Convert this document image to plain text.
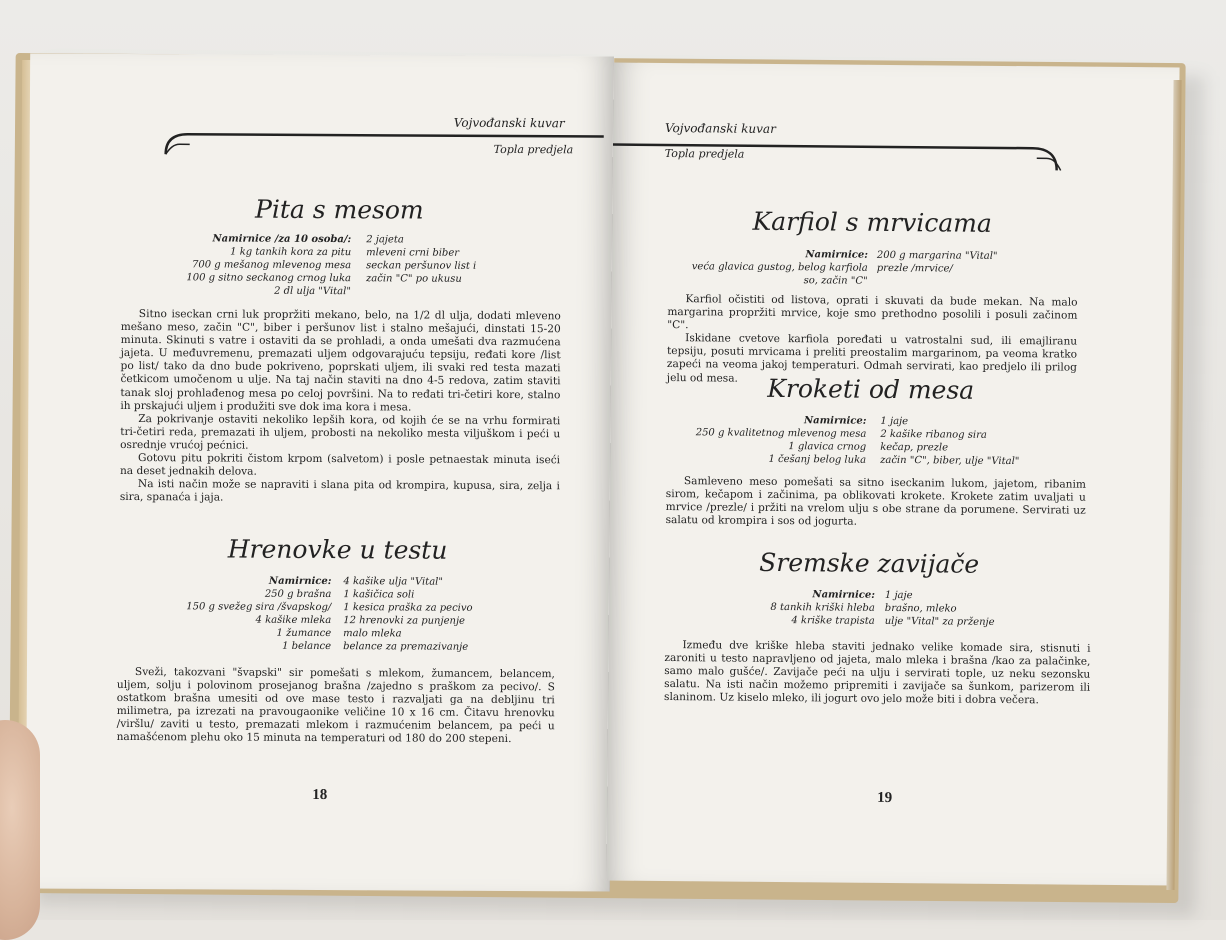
Vojvođanski kuvar
Topla predjela
Pita s mesom
Namirnice /za 10 osoba/:
1 kg tankih kora za pitu
700 g mešanog mlevenog mesa
100 g sitno seckanog crnog luka
2 dl ulja "Vital"
2 jajeta
mleveni crni biber
seckan peršunov list i
začin "C" po ukusu

Sitno iseckan crni luk propržiti mekano, belo, na 1/2 dl ulja, dodati mleveno mešano meso, začin "C", biber i peršunov list i stalno mešajući, dinstati 15-20 minuta. Skinuti s vatre i ostaviti da se prohladi, a onda umešati dva razmućena jajeta. U međuvremenu, premazati uljem odgovarajuću tepsiju, ređati kore /list po list/ tako da dno bude pokriveno, poprskati uljem, ili svaki red testa mazati četkicom umočenom u ulje. Na taj način staviti na dno 4-5 redova, zatim staviti tanak sloj prohlađenog mesa po celoj površini. Na to ređati tri-četiri kore, stalno ih prskajući uljem i produžiti sve dok ima kora i mesa.

Za pokrivanje ostaviti nekoliko lepših kora, od kojih će se na vrhu formirati tri-četiri reda, premazati ih uljem, probosti na nekoliko mesta viljuškom i peći u osrednje vrućoj pećnici.

Gotovu pitu pokriti čistom krpom (salvetom) i posle petnaestak minuta iseći na deset jednakih delova.

Na isti način može se napraviti i slana pita od krompira, kupusa, sira, zelja i sira, spanaća i jaja.

Hrenovke u testu
Namirnice:
250 g brašna
150 g svežeg sira /švapskog/
4 kašike mleka
1 žumance
1 belance
4 kašike ulja "Vital"
1 kašičica soli
1 kesica praška za pecivo
12 hrenovki za punjenje
malo mleka
belance za premazivanje

Sveži, takozvani "švapski" sir pomešati s mlekom, žumancem, belancem, uljem, solju i polovinom prosejanog brašna /zajedno s praškom za pecivo/. S ostatkom brašna umesiti od ove mase testo i razvaljati ga na debljinu tri milimetra, pa izrezati na pravougaonike veličine 10 x 16 cm. Čitavu hrenovku /viršlu/ zaviti u testo, premazati mlekom i razmućenim belancem, pa peći u namašćenom plehu oko 15 minuta na temperaturi od 180 do 200 stepeni.

18
Vojvođanski kuvar
Topla predjela
Karfiol s mrvicama
Namirnice:
veća glavica gustog, belog karfiola
so, začin "C"
200 g margarina "Vital"
prezle /mrvice/

Karfiol očistiti od listova, oprati i skuvati da bude mekan. Na malo margarina propržiti mrvice, koje smo prethodno posolili i posuli začinom "C".

Iskidane cvetove karfiola poređati u vatrostalni sud, ili emajliranu tepsiju, posuti mrvicama i preliti preostalim margarinom, pa veoma kratko zapeći na veoma jakoj temperaturi. Odmah servirati, kao predjelo ili prilog jelu od mesa.	Kroketi od mesa
Namirnice:
250 g kvalitetnog mlevenog mesa
1 glavica crnog
1 češanj belog luka
1 jaje
2 kašike ribanog sira
kečap, prezle
začin "C", biber, ulje "Vital"

Samleveno meso pomešati sa sitno iseckanim lukom, jajetom, ribanim sirom, kečapom i začinima, pa oblikovati krokete. Krokete zatim uvaljati u mrvice /prezle/ i pržiti na vrelom ulju s obe strane da porumene. Servirati uz salatu od krompira i sos od jogurta.

Sremske zavijače
Namirnice:
8 tankih kriški hleba
4 kriške trapista
1 jaje
brašno, mleko
ulje "Vital" za prženje

Između dve kriške hleba staviti jednako velike komade sira, stisnuti i zaroniti u testo napravljeno od jajeta, malo mleka i brašna /kao za palačinke, samo malo gušće/. Zavijače peći na ulju i servirati tople, uz neku sezonsku salatu. Na isti način možemo pripremiti i zavijače sa šunkom, parizerom ili slaninom. Uz kiselo mleko, ili jogurt ovo jelo može biti i dobra večera.

19
